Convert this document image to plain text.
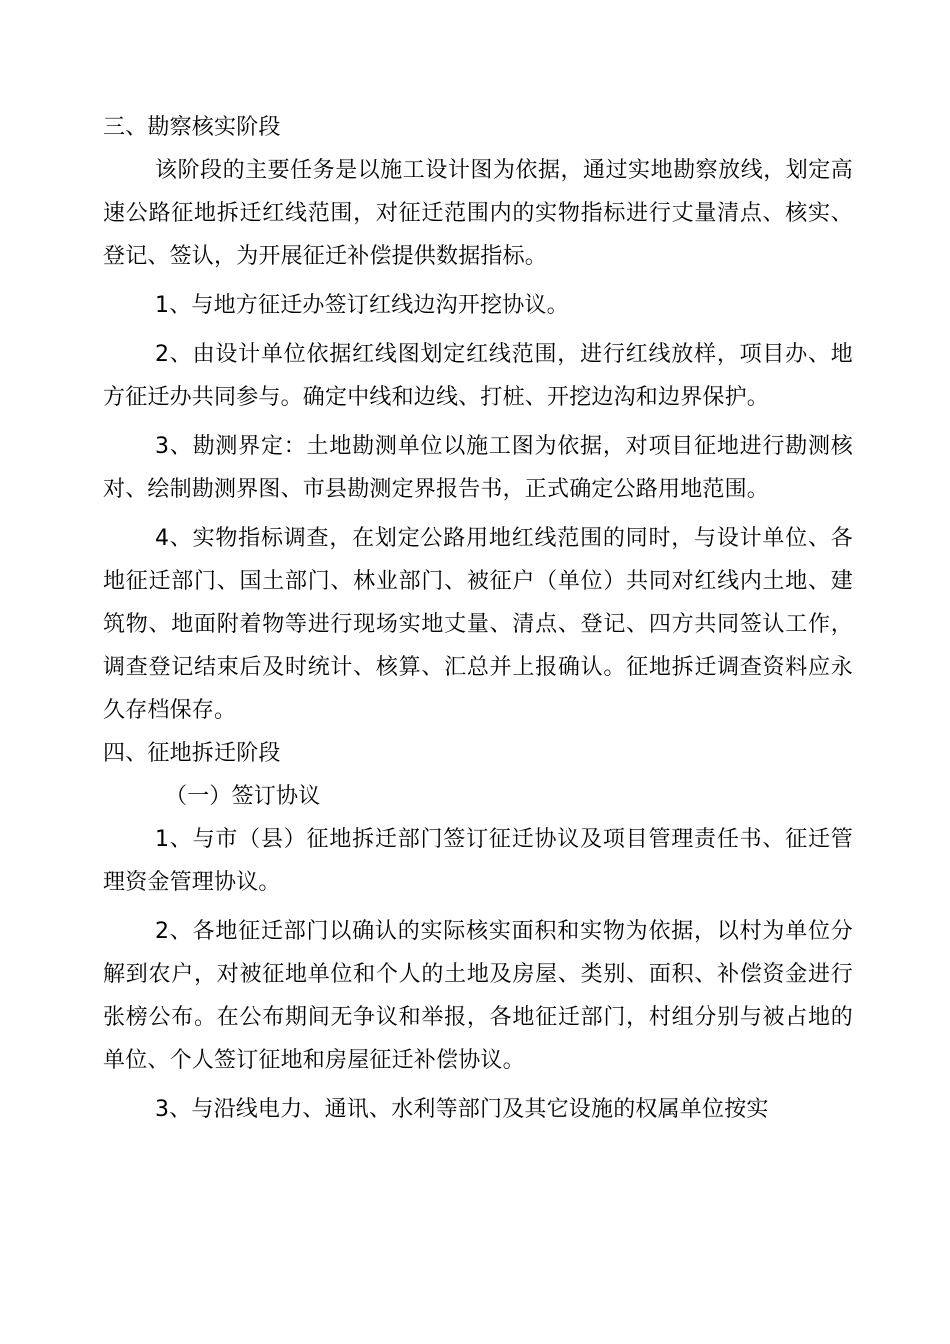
三、勘察核实阶段

该阶段的主要任务是以施工设计图为依据，通过实地勘察放线，划定高速公路征地拆迁红线范围，对征迁范围内的实物指标进行丈量清点、核实、登记、签认，为开展征迁补偿提供数据指标。

1、与地方征迁办签订红线边沟开挖协议。

2、由设计单位依据红线图划定红线范围，进行红线放样，项目办、地方征迁办共同参与。确定中线和边线、打桩、开挖边沟和边界保护。

3、勘测界定：土地勘测单位以施工图为依据，对项目征地进行勘测核对、绘制勘测界图、市县勘测定界报告书，正式确定公路用地范围。

4、实物指标调查，在划定公路用地红线范围的同时，与设计单位、各地征迁部门、国土部门、林业部门、被征户（单位）共同对红线内土地、建筑物、地面附着物等进行现场实地丈量、清点、登记、四方共同签认工作，调查登记结束后及时统计、核算、汇总并上报确认。征地拆迁调查资料应永久存档保存。

四、征地拆迁阶段

（一）签订协议

1、与市（县）征地拆迁部门签订征迁协议及项目管理责任书、征迁管理资金管理协议。

2、各地征迁部门以确认的实际核实面积和实物为依据，以村为单位分解到农户，对被征地单位和个人的土地及房屋、类别、面积、补偿资金进行张榜公布。在公布期间无争议和举报，各地征迁部门，村组分别与被占地的单位、个人签订征地和房屋征迁补偿协议。

3、与沿线电力、通讯、水利等部门及其它设施的权属单位按实
